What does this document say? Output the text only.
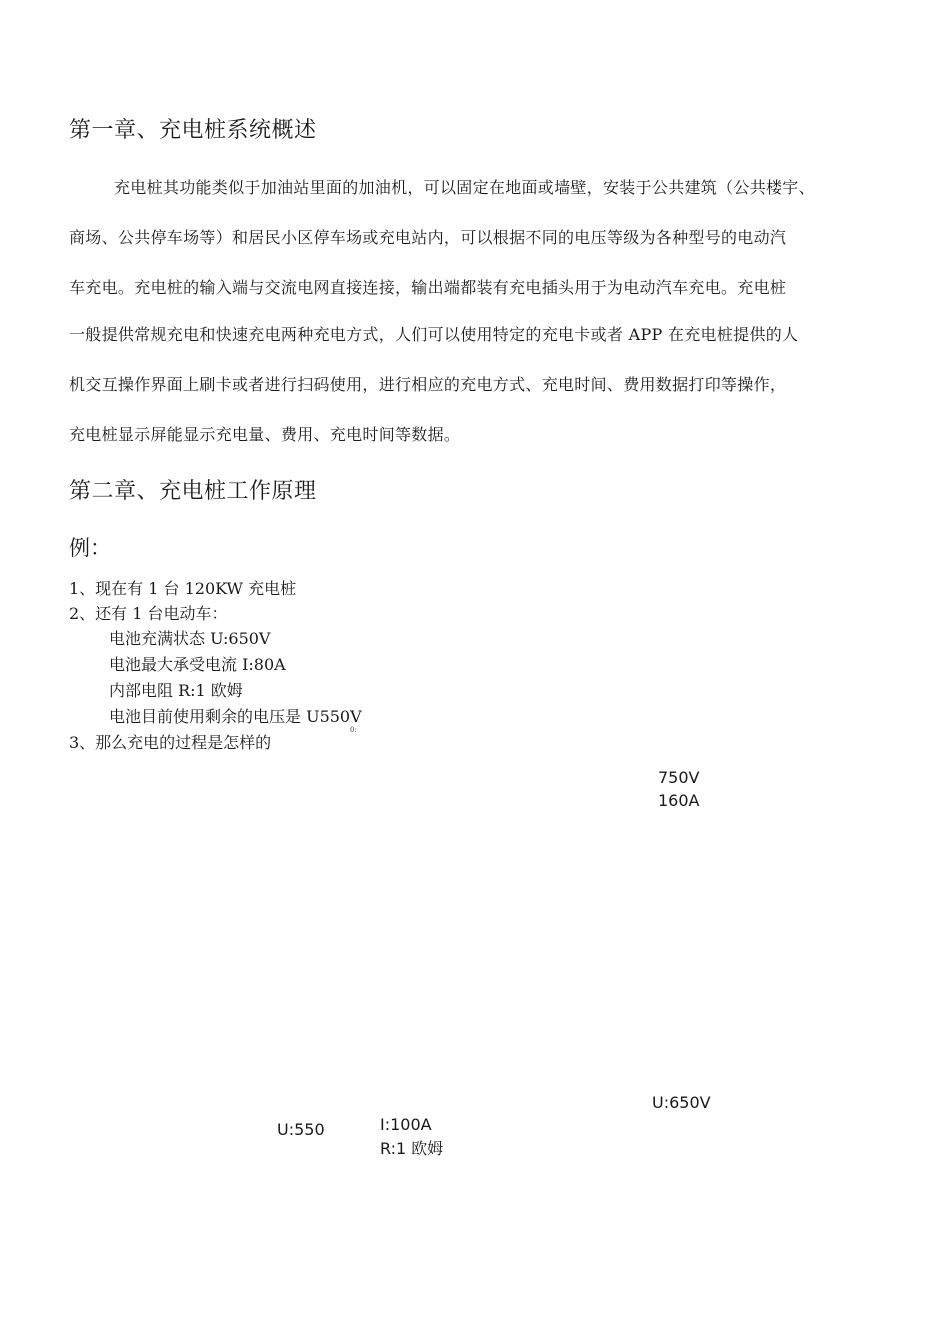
第一章、充电桩系统概述
充电桩其功能类似于加油站里面的加油机，可以固定在地面或墙壁，安装于公共建筑（公共楼宇、
商场、公共停车场等）和居民小区停车场或充电站内，可以根据不同的电压等级为各种型号的电动汽
车充电。充电桩的输入端与交流电网直接连接，输出端都装有充电插头用于为电动汽车充电。充电桩
一般提供常规充电和快速充电两种充电方式，人们可以使用特定的充电卡或者 APP 在充电桩提供的人
机交互操作界面上刷卡或者进行扫码使用，进行相应的充电方式、充电时间、费用数据打印等操作，
充电桩显示屏能显示充电量、费用、充电时间等数据。
第二章、充电桩工作原理
例：
1、现在有 1 台 120KW 充电桩
2、还有 1 台电动车：
电池充满状态 U:650V
电池最大承受电流 I:80A
内部电阻 R:1 欧姆
电池目前使用剩余的电压是 U550V
3、那么充电的过程是怎样的
0:
750V
160A
U:650V
U:550	I:100A
R:1 欧姆
